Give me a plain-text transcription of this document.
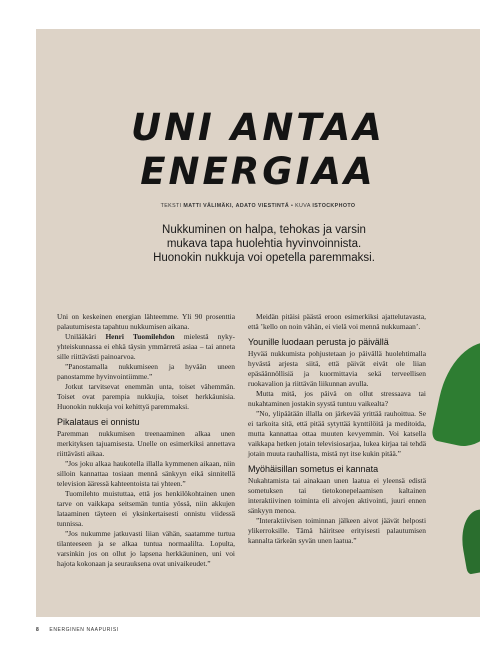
UNI ANTAA
ENERGIAA

TEKSTI MATTI VÄLIMÄKI, ADATO VIESTINTÄ • KUVA ISTOCKPHOTO

Nukkuminen on halpa, tehokas ja varsin
mukava tapa huolehtia hyvinvoinnista.
Huonokin nukkuja voi opetella paremmaksi.

Uni on keskeinen energian lähteemme. Yli 90 prosenttia palautumisesta tapahtuu nukkumisen aikana.

Unilääkäri Henri Tuomilehdon mielestä nyky-yhteiskunnassa ei ehkä täysin ymmärretä asiaa – tai anneta sille riittävästi painoarvoa.

”Panostamalla nukkumiseen ja hyvään uneen panostamme hyvinvointiimme.”

Jotkut tarvitsevat enemmän unta, toiset vähemmän. Toiset ovat parempia nukkujia, toiset herkkäunisia. Huonokin nukkuja voi kehittyä paremmaksi.

Pikalataus ei onnistu

Paremman nukkumisen treenaaminen alkaa unen merkityksen tajuamisesta. Unelle on esimerkiksi annettava riittävästi aikaa.

”Jos joku alkaa haukotella illalla kymmenen aikaan, niin silloin kannattaa tosiaan mennä sänkyyn eikä sinnitellä television ääressä kahteentoista tai yhteen.”

Tuomilehto muistuttaa, että jos henkilökohtainen unen tarve on vaikkapa seitsemän tuntia yössä, niin akkujen lataaminen täyteen ei yksinkertaisesti onnistu viidessä tunnissa.

”Jos nukumme jatkuvasti liian vähän, saatamme turtua tilanteeseen ja se alkaa tuntua normaalilta. Lopulta, varsinkin jos on ollut jo lapsena herkkäuninen, uni voi hajota kokonaan ja seurauksena ovat univaikeudet.”

Meidän pitäisi päästä eroon esimerkiksi ajattelutavasta, että ’kello on noin vähän, ei vielä voi mennä nukkumaan’.

Younille luodaan perusta jo päivällä

Hyvää nukkumista pohjustetaan jo päivällä huolehtimalla hyvästä arjesta siitä, että päivät eivät ole liian epäsäännöllisiä ja kuormittavia sekä terveellisen ruokavalion ja riittävän liikunnan avulla.

Mutta mitä, jos päivä on ollut stressaava tai nukahtaminen jostakin syystä tuntuu vaikealta?

”No, ylipäätään illalla on järkevää yrittää rauhoittua. Se ei tarkoita sitä, että pitää sytyttää kynttilöitä ja meditoida, mutta kannattaa ottaa muuten kevyemmin. Voi katsella vaikkapa hetken jotain televisiosarjaa, lukea kirjaa tai tehdä jotain muuta rauhallista, mistä nyt itse kukin pitää.”

Myöhäisillan sometus ei kannata

Nukahtamista tai ainakaan unen laatua ei yleensä edistä sometuksen tai tietokonepelaamisen kaltainen interaktiivinen toiminta eli aivojen aktivointi, juuri ennen sänkyyn menoa.

”Interaktiivisen toiminnan jälkeen aivot jäävät helposti ylikerroksille. Tämä häiritsee erityisesti palautumisen kannalta tärkeän syvän unen laatua.”

8 ENERGINEN NAAPURISI
